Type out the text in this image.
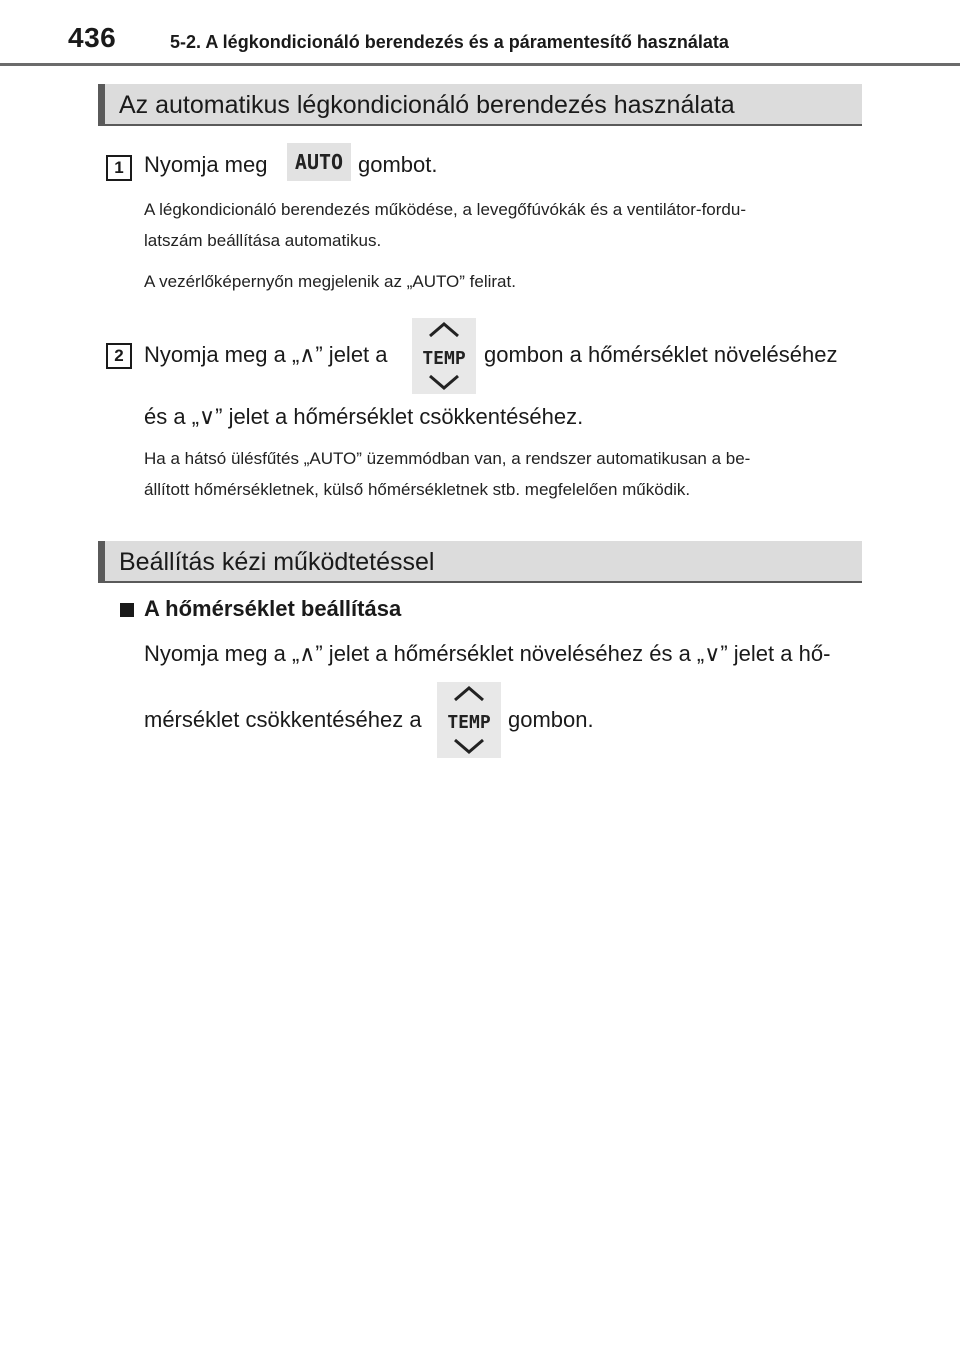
436	5-2. A légkondicionáló berendezés és a páramentesítő használata
Az automatikus légkondicionáló berendezés használata
1 Nyomja meg	AUTO gombot.
A légkondicionáló berendezés működése, a levegőfúvókák és a ventilátor-fordu-
latszám beállítása automatikus.
A vezérlőképernyőn megjelenik az „AUTO” felirat.
2 Nyomja meg a „∧” jelet a TEMP gombon a hőmérséklet növeléséhez
és a „∨” jelet a hőmérséklet csökkentéséhez.
Ha a hátsó ülésfűtés „AUTO” üzemmódban van, a rendszer automatikusan a be-
állított hőmérsékletnek, külső hőmérsékletnek stb. megfelelően működik.
Beállítás kézi működtetéssel
A hőmérséklet beállítása
Nyomja meg a „∧” jelet a hőmérséklet növeléséhez és a „∨” jelet a hő-
mérséklet csökkentéséhez a TEMP gombon.
